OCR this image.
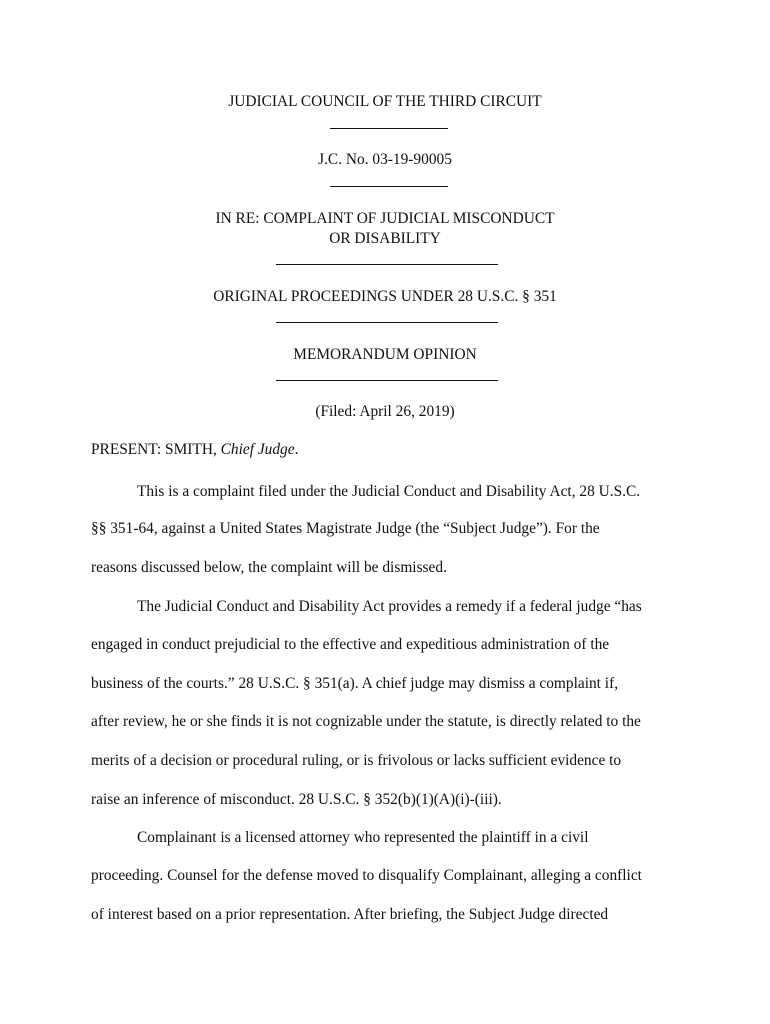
JUDICIAL COUNCIL OF THE THIRD CIRCUIT
J.C. No. 03-19-90005
IN RE: COMPLAINT OF JUDICIAL MISCONDUCT
OR DISABILITY
ORIGINAL PROCEEDINGS UNDER 28 U.S.C. § 351
MEMORANDUM OPINION
(Filed: April 26, 2019)
PRESENT: SMITH, Chief Judge.
This is a complaint filed under the Judicial Conduct and Disability Act, 28 U.S.C.
§§ 351-64, against a United States Magistrate Judge (the “Subject Judge”). For the
reasons discussed below, the complaint will be dismissed.
The Judicial Conduct and Disability Act provides a remedy if a federal judge “has
engaged in conduct prejudicial to the effective and expeditious administration of the
business of the courts.” 28 U.S.C. § 351(a). A chief judge may dismiss a complaint if,
after review, he or she finds it is not cognizable under the statute, is directly related to the
merits of a decision or procedural ruling, or is frivolous or lacks sufficient evidence to
raise an inference of misconduct. 28 U.S.C. § 352(b)(1)(A)(i)-(iii).
Complainant is a licensed attorney who represented the plaintiff in a civil
proceeding. Counsel for the defense moved to disqualify Complainant, alleging a conflict
of interest based on a prior representation. After briefing, the Subject Judge directed
